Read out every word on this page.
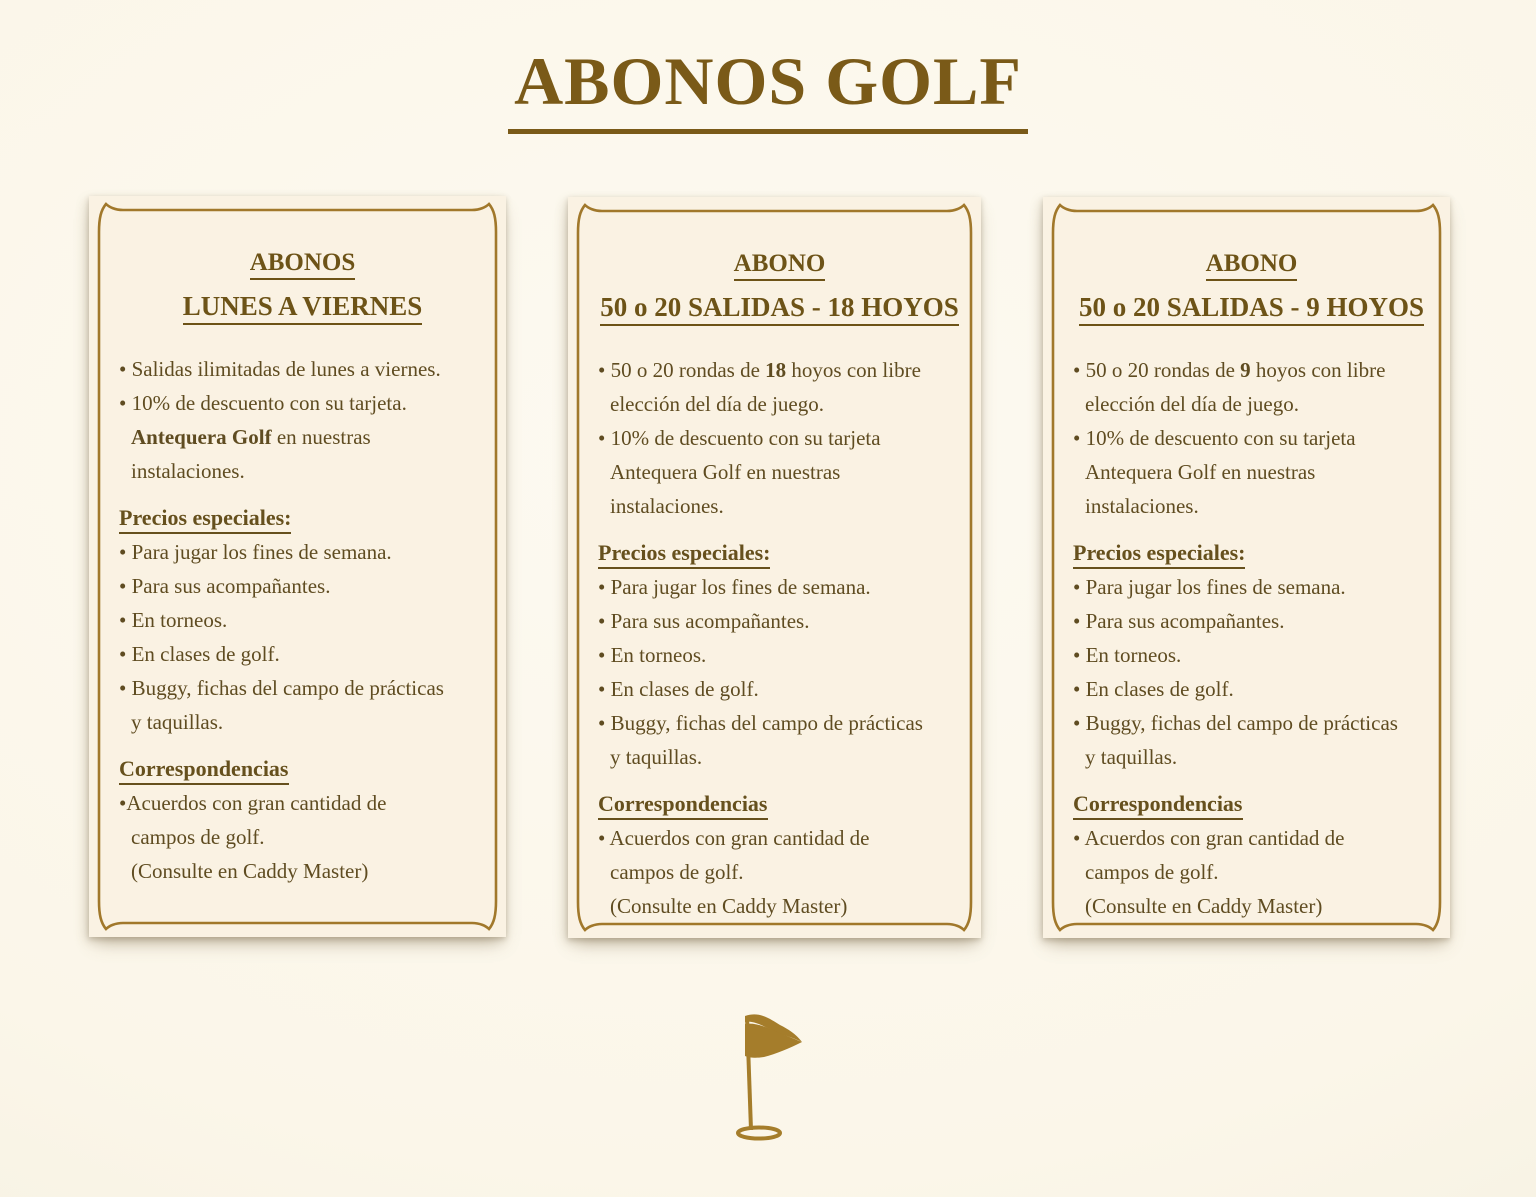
ABONOS GOLF
ABONOS
LUNES A VIERNES
• Salidas ilimitadas de lunes a viernes.
• 10% de descuento con su tarjeta.
Antequera Golf en nuestras
instalaciones.
Precios especiales:
• Para jugar los fines de semana.
• Para sus acompañantes.
• En torneos.
• En clases de golf.
• Buggy, fichas del campo de prácticas
y taquillas.
Correspondencias
•Acuerdos con gran cantidad de
campos de golf.
(Consulte en Caddy Master)
ABONO
50 o 20 SALIDAS - 18 HOYOS
• 50 o 20 rondas de 18 hoyos con libre
elección del día de juego.
• 10% de descuento con su tarjeta
Antequera Golf en nuestras
instalaciones.
Precios especiales:
• Para jugar los fines de semana.
• Para sus acompañantes.
• En torneos.
• En clases de golf.
• Buggy, fichas del campo de prácticas
y taquillas.
Correspondencias
• Acuerdos con gran cantidad de
campos de golf.
(Consulte en Caddy Master)
ABONO
50 o 20 SALIDAS - 9 HOYOS
• 50 o 20 rondas de 9 hoyos con libre
elección del día de juego.
• 10% de descuento con su tarjeta
Antequera Golf en nuestras
instalaciones.
Precios especiales:
• Para jugar los fines de semana.
• Para sus acompañantes.
• En torneos.
• En clases de golf.
• Buggy, fichas del campo de prácticas
y taquillas.
Correspondencias
• Acuerdos con gran cantidad de
campos de golf.
(Consulte en Caddy Master)
